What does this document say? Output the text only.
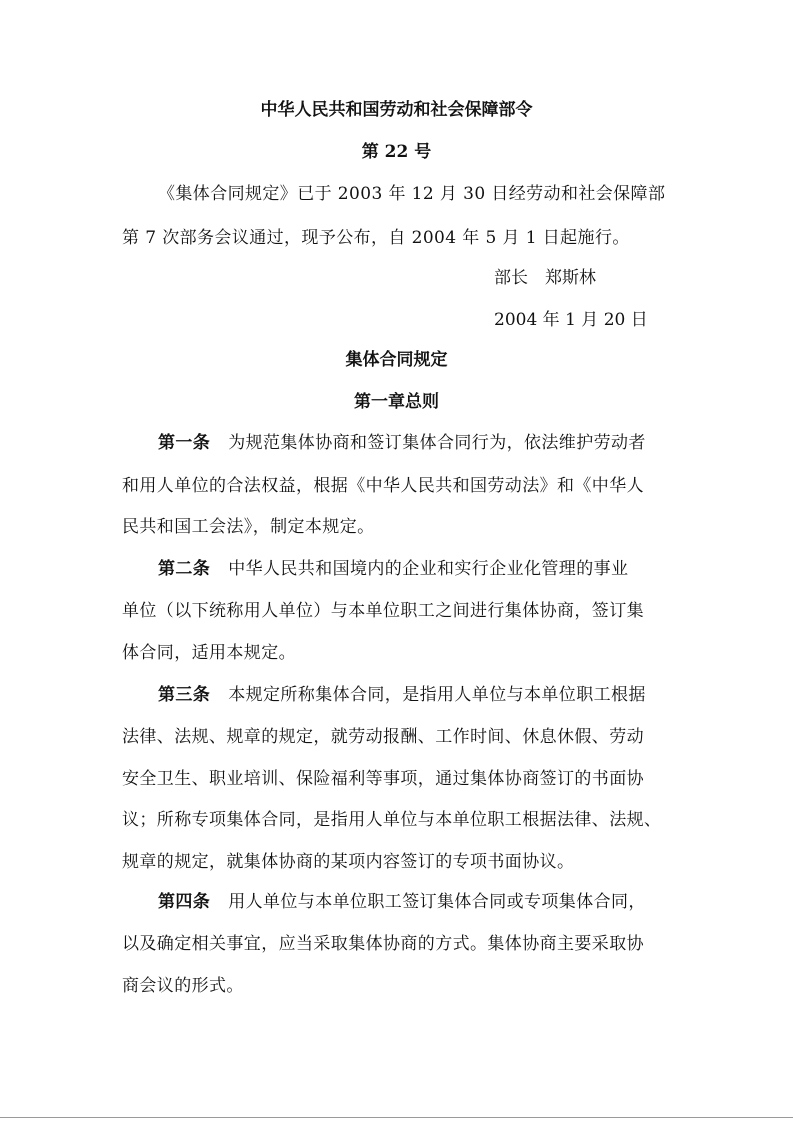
中华人民共和国劳动和社会保障部令
第 22 号
《集体合同规定》已于 2003 年 12 月 30 日经劳动和社会保障部
第 7 次部务会议通过，现予公布，自 2004 年 5 月 1 日起施行。
部长　郑斯林
2004 年 1 月 20 日
集体合同规定
第一章总则
第一条 为规范集体协商和签订集体合同行为，依法维护劳动者
和用人单位的合法权益，根据《中华人民共和国劳动法》和《中华人
民共和国工会法》，制定本规定。
第二条 中华人民共和国境内的企业和实行企业化管理的事业
单位（以下统称用人单位）与本单位职工之间进行集体协商，签订集
体合同，适用本规定。
第三条 本规定所称集体合同，是指用人单位与本单位职工根据
法律、法规、规章的规定，就劳动报酬、工作时间、休息休假、劳动
安全卫生、职业培训、保险福利等事项，通过集体协商签订的书面协
议；所称专项集体合同，是指用人单位与本单位职工根据法律、法规、
规章的规定，就集体协商的某项内容签订的专项书面协议。
第四条 用人单位与本单位职工签订集体合同或专项集体合同，
以及确定相关事宜，应当采取集体协商的方式。集体协商主要采取协
商会议的形式。
